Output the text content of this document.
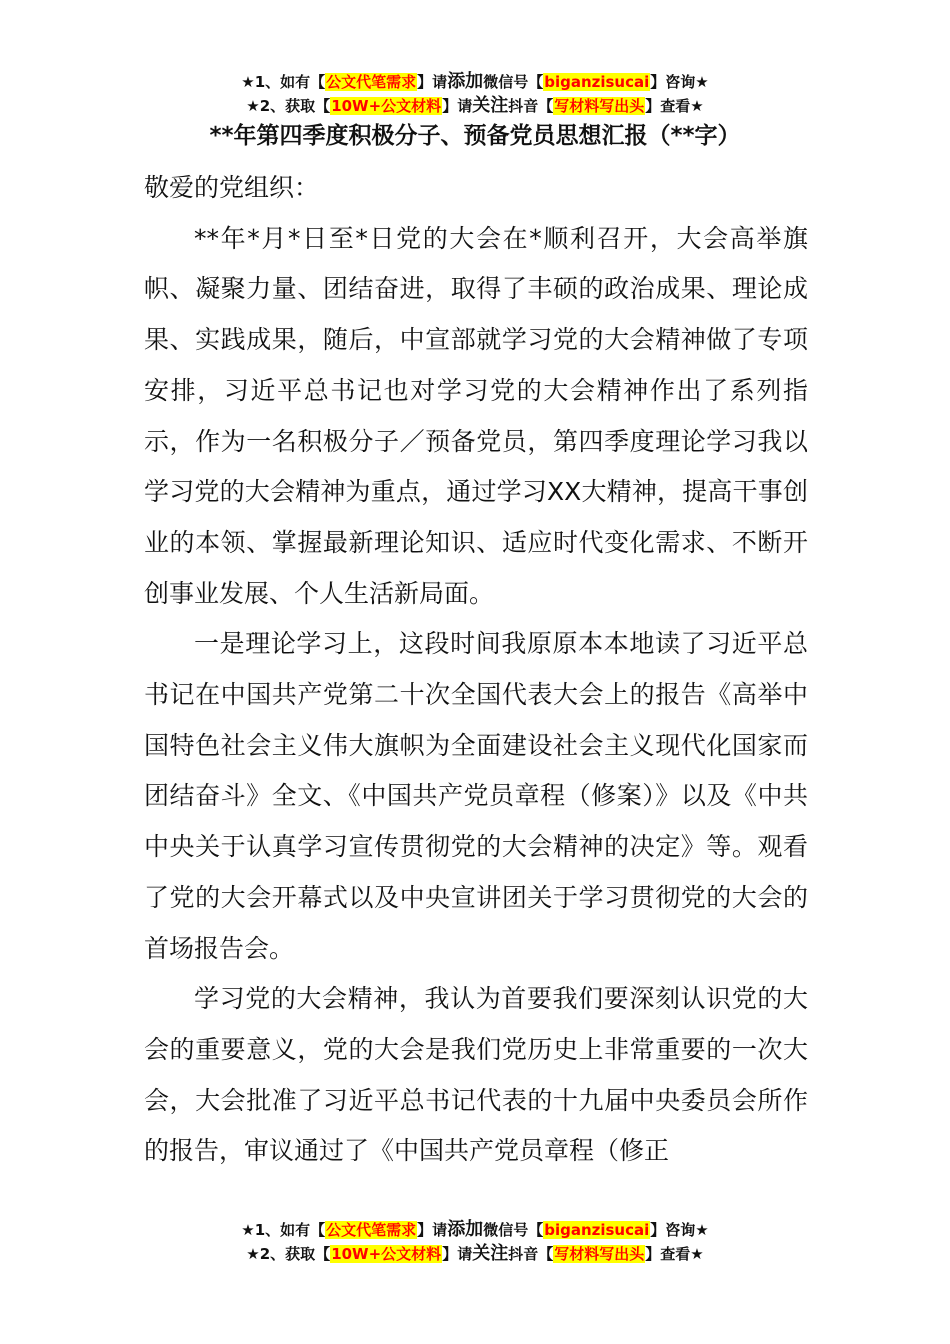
★1、如有【公文代笔需求】请添加微信号【biganzisucai】咨询★
★2、获取【10W+公文材料】请关注抖音【写材料写出头】查看★
**年第四季度积极分子、预备党员思想汇报（**字）

敬爱的党组织：

**年*月*日至*日党的大会在*顺利召开，大会高举旗帜、凝聚力量、团结奋进，取得了丰硕的政治成果、理论成果、实践成果，随后，中宣部就学习党的大会精神做了专项安排，习近平总书记也对学习党的大会精神作出了系列指示，作为一名积极分子／预备党员，第四季度理论学习我以学习党的大会精神为重点，通过学习XX大精神，提高干事创业的本领、掌握最新理论知识、适应时代变化需求、不断开创事业发展、个人生活新局面。

一是理论学习上，这段时间我原原本本地读了习近平总书记在中国共产党第二十次全国代表大会上的报告《高举中国特色社会主义伟大旗帜为全面建设社会主义现代化国家而团结奋斗》全文、《中国共产党员章程（修案）》以及《中共中央关于认真学习宣传贯彻党的大会精神的决定》等。观看了党的大会开幕式以及中央宣讲团关于学习贯彻党的大会的首场报告会。

学习党的大会精神，我认为首要我们要深刻认识党的大会的重要意义，党的大会是我们党历史上非常重要的一次大会，大会批准了习近平总书记代表的十九届中央委员会所作的报告，审议通过了《中国共产党员章程（修正

★1、如有【公文代笔需求】请添加微信号【biganzisucai】咨询★
★2、获取【10W+公文材料】请关注抖音【写材料写出头】查看★
